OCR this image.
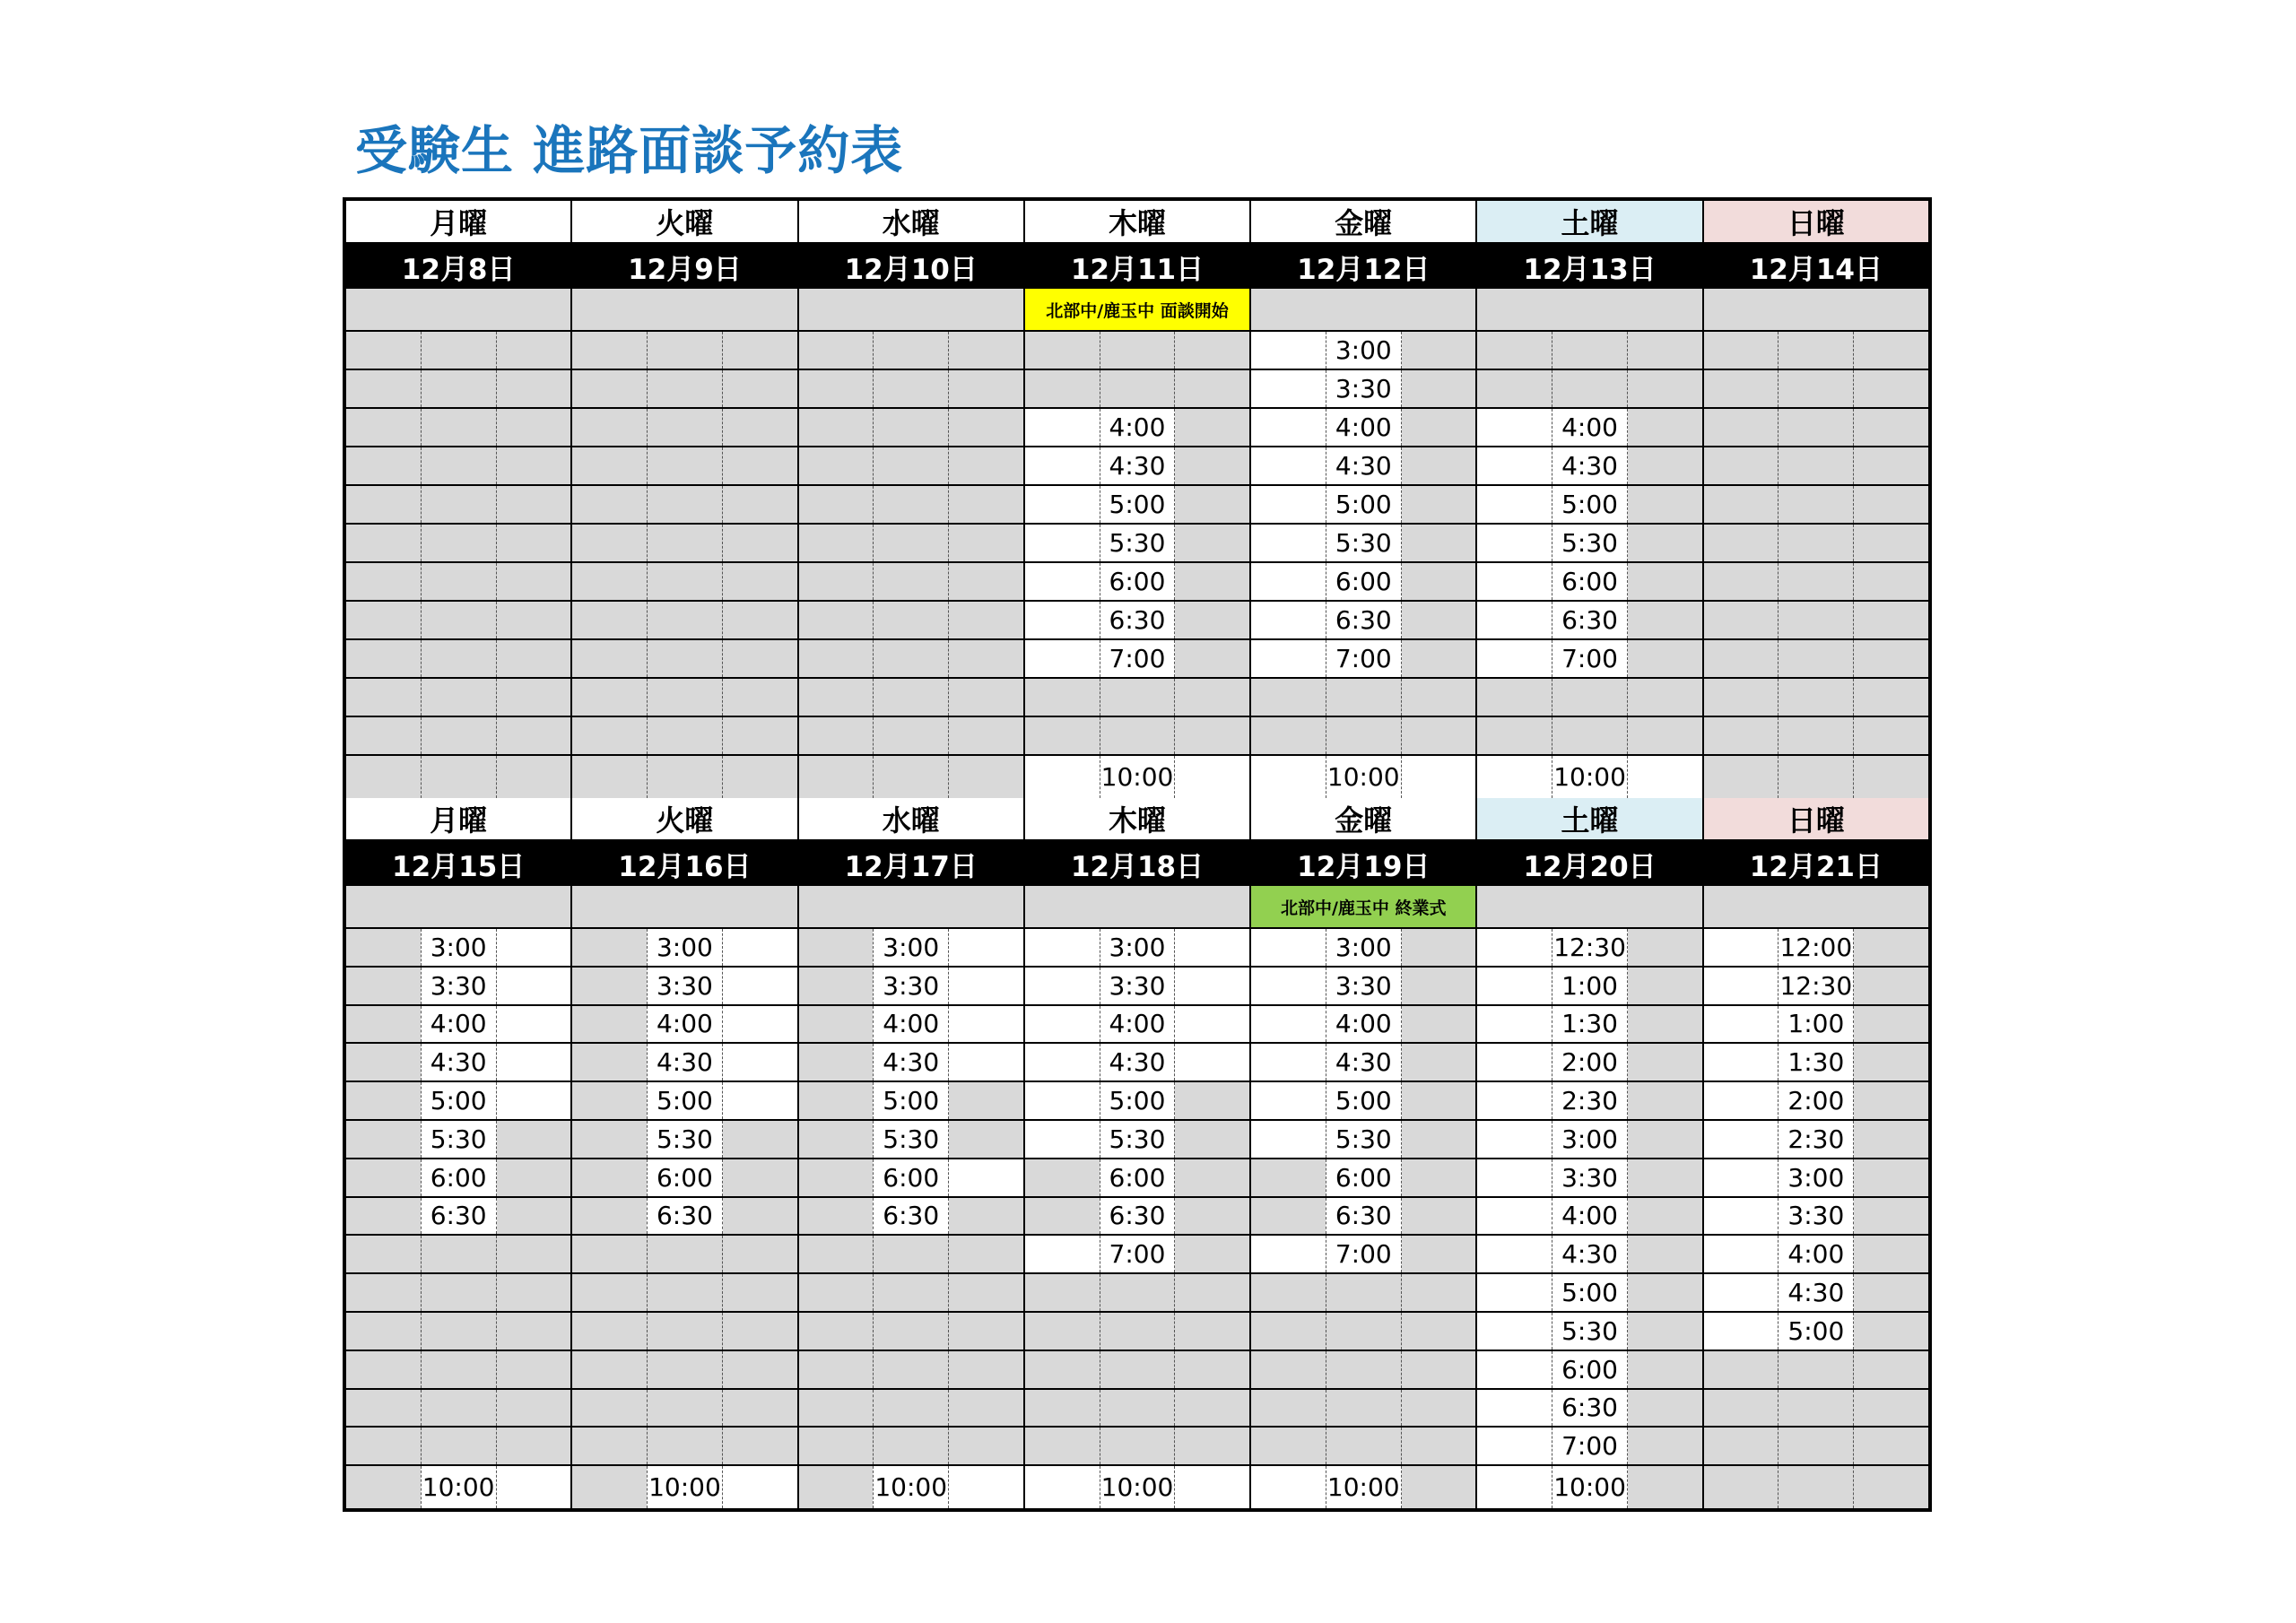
受験生 進路面談予約表
月曜
12月8日
火曜
12月9日
水曜
12月10日
木曜
12月11日
北部中/鹿玉中 面談開始
4:00
4:30
5:00
5:30
6:00
6:30
7:00
10:00
金曜
12月12日
3:00
3:30
4:00
4:30
5:00
5:30
6:00
6:30
7:00
10:00
土曜
12月13日
4:00
4:30
5:00
5:30
6:00
6:30
7:00
10:00
日曜
12月14日
月曜
12月15日
3:00
3:30
4:00
4:30
5:00
5:30
6:00
6:30
10:00
火曜
12月16日
3:00
3:30
4:00
4:30
5:00
5:30
6:00
6:30
10:00
水曜
12月17日
3:00
3:30
4:00
4:30
5:00
5:30
6:00
6:30
10:00
木曜
12月18日
3:00
3:30
4:00
4:30
5:00
5:30
6:00
6:30
7:00
10:00
金曜
12月19日
北部中/鹿玉中 終業式
3:00
3:30
4:00
4:30
5:00
5:30
6:00
6:30
7:00
10:00
土曜
12月20日
12:30
1:00
1:30
2:00
2:30
3:00
3:30
4:00
4:30
5:00
5:30
6:00
6:30
7:00
10:00
日曜
12月21日
12:00
12:30
1:00
1:30
2:00
2:30
3:00
3:30
4:00
4:30
5:00
